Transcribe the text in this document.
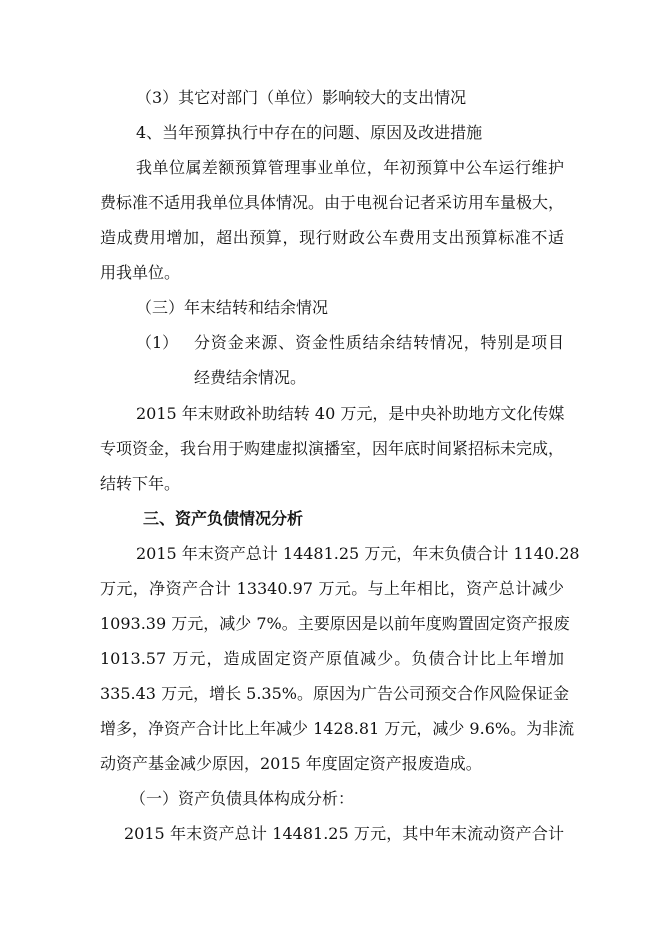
（3）其它对部门（单位）影响较大的支出情况
4、当年预算执行中存在的问题、原因及改进措施
我单位属差额预算管理事业单位，年初预算中公车运行维护
费标准不适用我单位具体情况。由于电视台记者采访用车量极大，
造成费用增加，超出预算，现行财政公车费用支出预算标准不适
用我单位。
（三）年末结转和结余情况
（1） 分资金来源、资金性质结余结转情况，特别是项目
经费结余情况。
2015 年末财政补助结转 40 万元，是中央补助地方文化传媒
专项资金，我台用于购建虚拟演播室，因年底时间紧招标未完成，
结转下年。
三、资产负债情况分析
2015 年末资产总计 14481.25 万元，年末负债合计 1140.28
万元，净资产合计 13340.97 万元。与上年相比，资产总计减少
1093.39 万元，减少 7%。主要原因是以前年度购置固定资产报废
1013.57 万元，造成固定资产原值减少。负债合计比上年增加
335.43 万元，增长 5.35%。原因为广告公司预交合作风险保证金
增多，净资产合计比上年减少 1428.81 万元，减少 9.6%。为非流
动资产基金减少原因，2015 年度固定资产报废造成。
（一）资产负债具体构成分析：
2015 年末资产总计 14481.25 万元，其中年末流动资产合计
